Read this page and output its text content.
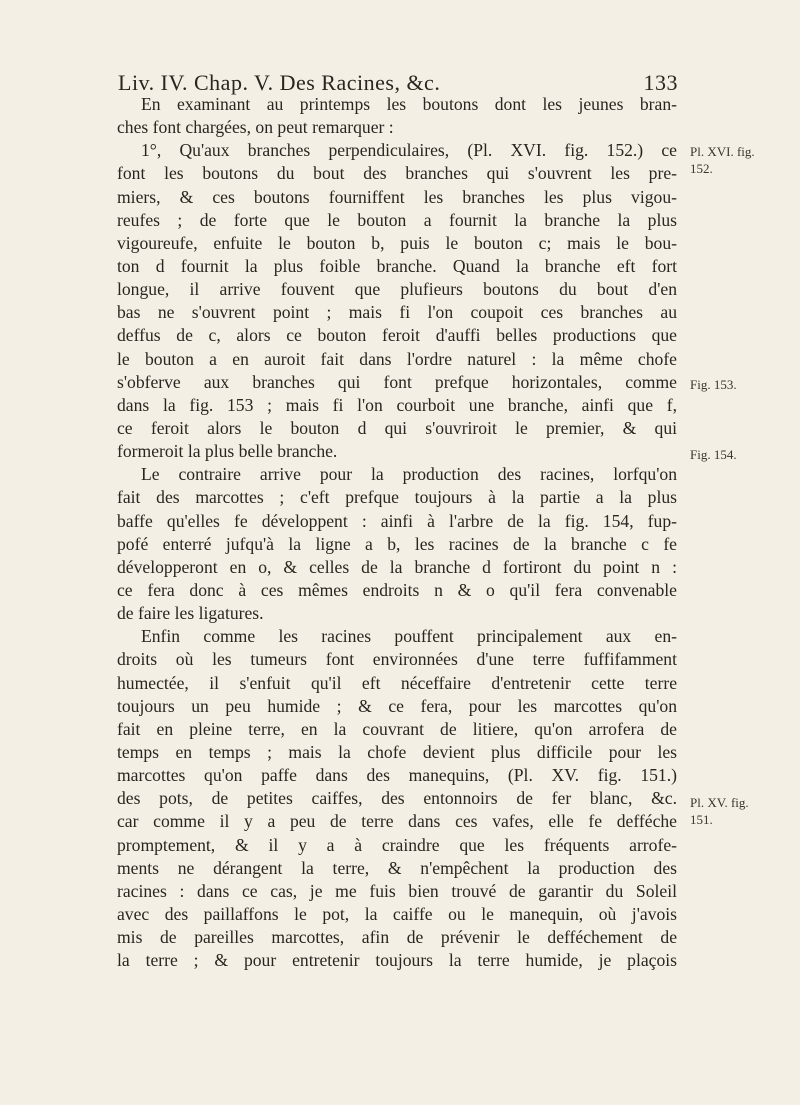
Liv. IV. Chap. V. Des Racines, &c.	133
En examinant au printemps les boutons dont les jeunes bran-
ches font chargées, on peut remarquer :
1°, Qu'aux branches perpendiculaires, (Pl. XVI. fig. 152.) ce
font les boutons du bout des branches qui s'ouvrent les pre-
miers, & ces boutons fourniffent les branches les plus vigou-
reufes ; de forte que le bouton a fournit la branche la plus
vigoureufe, enfuite le bouton b, puis le bouton c; mais le bou-
ton d fournit la plus foible branche. Quand la branche eft fort
longue, il arrive fouvent que plufieurs boutons du bout d'en
bas ne s'ouvrent point ; mais fi l'on coupoit ces branches au
deffus de c, alors ce bouton feroit d'auffi belles productions que
le bouton a en auroit fait dans l'ordre naturel : la même chofe
s'obferve aux branches qui font prefque horizontales, comme
dans la fig. 153 ; mais fi l'on courboit une branche, ainfi que f,
ce feroit alors le bouton d qui s'ouvriroit le premier, & qui
formeroit la plus belle branche.
Le contraire arrive pour la production des racines, lorfqu'on
fait des marcottes ; c'eft prefque toujours à la partie a la plus
baffe qu'elles fe développent : ainfi à l'arbre de la fig. 154, fup-
pofé enterré jufqu'à la ligne a b, les racines de la branche c fe
développeront en o, & celles de la branche d fortiront du point n :
ce fera donc à ces mêmes endroits n & o qu'il fera convenable
de faire les ligatures.
Enfin comme les racines pouffent principalement aux en-
droits où les tumeurs font environnées d'une terre fuffifamment
humectée, il s'enfuit qu'il eft néceffaire d'entretenir cette terre
toujours un peu humide ; & ce fera, pour les marcottes qu'on
fait en pleine terre, en la couvrant de litiere, qu'on arrofera de
temps en temps ; mais la chofe devient plus difficile pour les
marcottes qu'on paffe dans des manequins, (Pl. XV. fig. 151.)
des pots, de petites caiffes, des entonnoirs de fer blanc, &c.
car comme il y a peu de terre dans ces vafes, elle fe defféche
promptement, & il y a à craindre que les fréquents arrofe-
ments ne dérangent la terre, & n'empêchent la production des
racines : dans ce cas, je me fuis bien trouvé de garantir du Soleil
avec des paillaffons le pot, la caiffe ou le manequin, où j'avois
mis de pareilles marcottes, afin de prévenir le defféchement de
la terre ; & pour entretenir toujours la terre humide, je plaçois
Pl. XVI. fig.
152.
Fig. 153.
Fig. 154.
Pl. XV. fig.
151.
